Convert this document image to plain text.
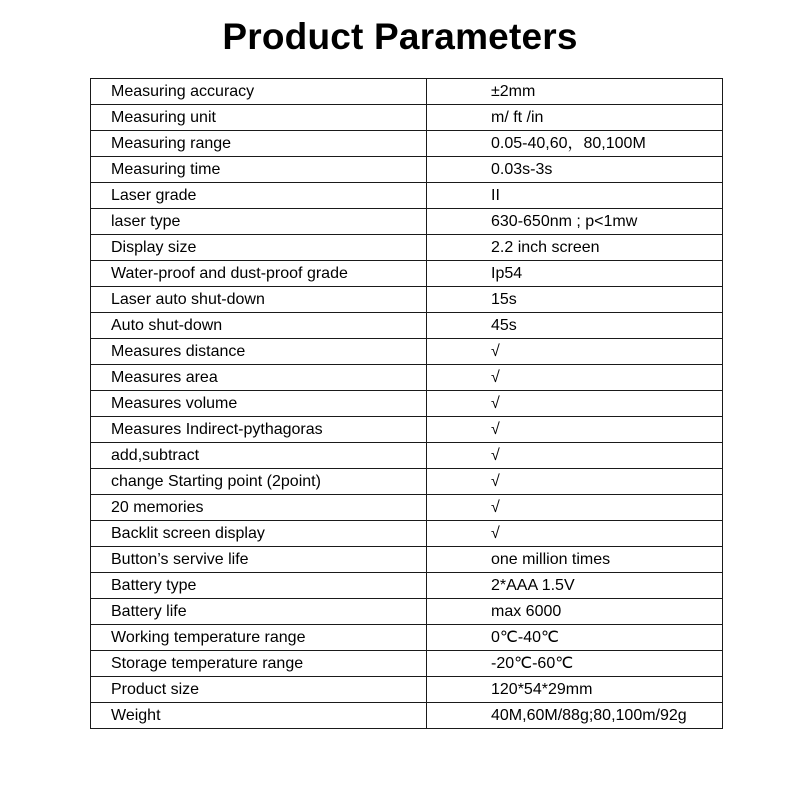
Product Parameters
Measuring accuracy	±2mm
Measuring unit	m/ ft /in
Measuring range	0.05-40,60，80,100M
Measuring time	0.03s-3s
Laser grade	II
laser type	630-650nm ; p<1mw
Display size	2.2 inch screen
Water-proof and dust-proof grade	Ip54
Laser auto shut-down	15s
Auto shut-down	45s
Measures distance	√
Measures area	√
Measures volume	√
Measures Indirect-pythagoras	√
add,subtract	√
change Starting point (2point)	√
20 memories	√
Backlit screen display	√
Button’s servive life	one million times
Battery type	2*AAA 1.5V
Battery life	max 6000
Working temperature range	0℃-40℃
Storage temperature range	-20℃-60℃
Product size	120*54*29mm
Weight	40M,60M/88g;80,100m/92g
